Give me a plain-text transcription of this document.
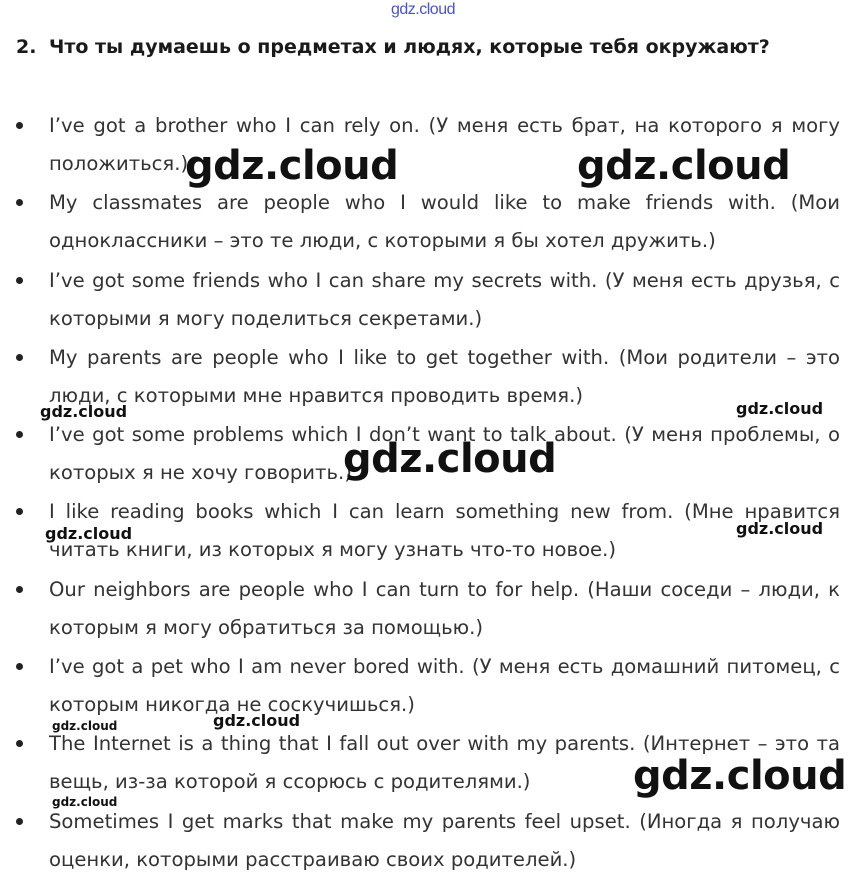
gdz.cloud
2. Что ты думаешь о предметах и людях, которые тебя окружают?
I’ve got a brother who I can rely on. (У меня есть брат, на которого я могу положиться.)
My classmates are people who I would like to make friends with. (Мои одноклассники – это те люди, с которыми я бы хотел дружить.)
I’ve got some friends who I can share my secrets with. (У меня есть друзья, с которыми я могу поделиться секретами.)
My parents are people who I like to get together with. (Мои родители – это люди, с которыми мне нравится проводить время.)
I’ve got some problems which I don’t want to talk about. (У меня проблемы, о которых я не хочу говорить.)
I like reading books which I can learn something new from. (Мне нравится читать книги, из которых я могу узнать что-то новое.)
Our neighbors are people who I can turn to for help. (Наши соседи – люди, к которым я могу обратиться за помощью.)
I’ve got a pet who I am never bored with. (У меня есть домашний питомец, с которым никогда не соскучишься.)
The Internet is a thing that I fall out over with my parents. (Интернет – это та вещь, из-за которой я ссорюсь с родителями.)
Sometimes I get marks that make my parents feel upset. (Иногда я получаю оценки, которыми расстраиваю своих родителей.)
gdz.cloud	gdz.cloud
gdz.cloud	gdz.cloud
gdz.cloud
gdz.cloud	gdz.cloud
gdz.cloud	gdz.cloud
gdz.cloud
gdz.cloud
